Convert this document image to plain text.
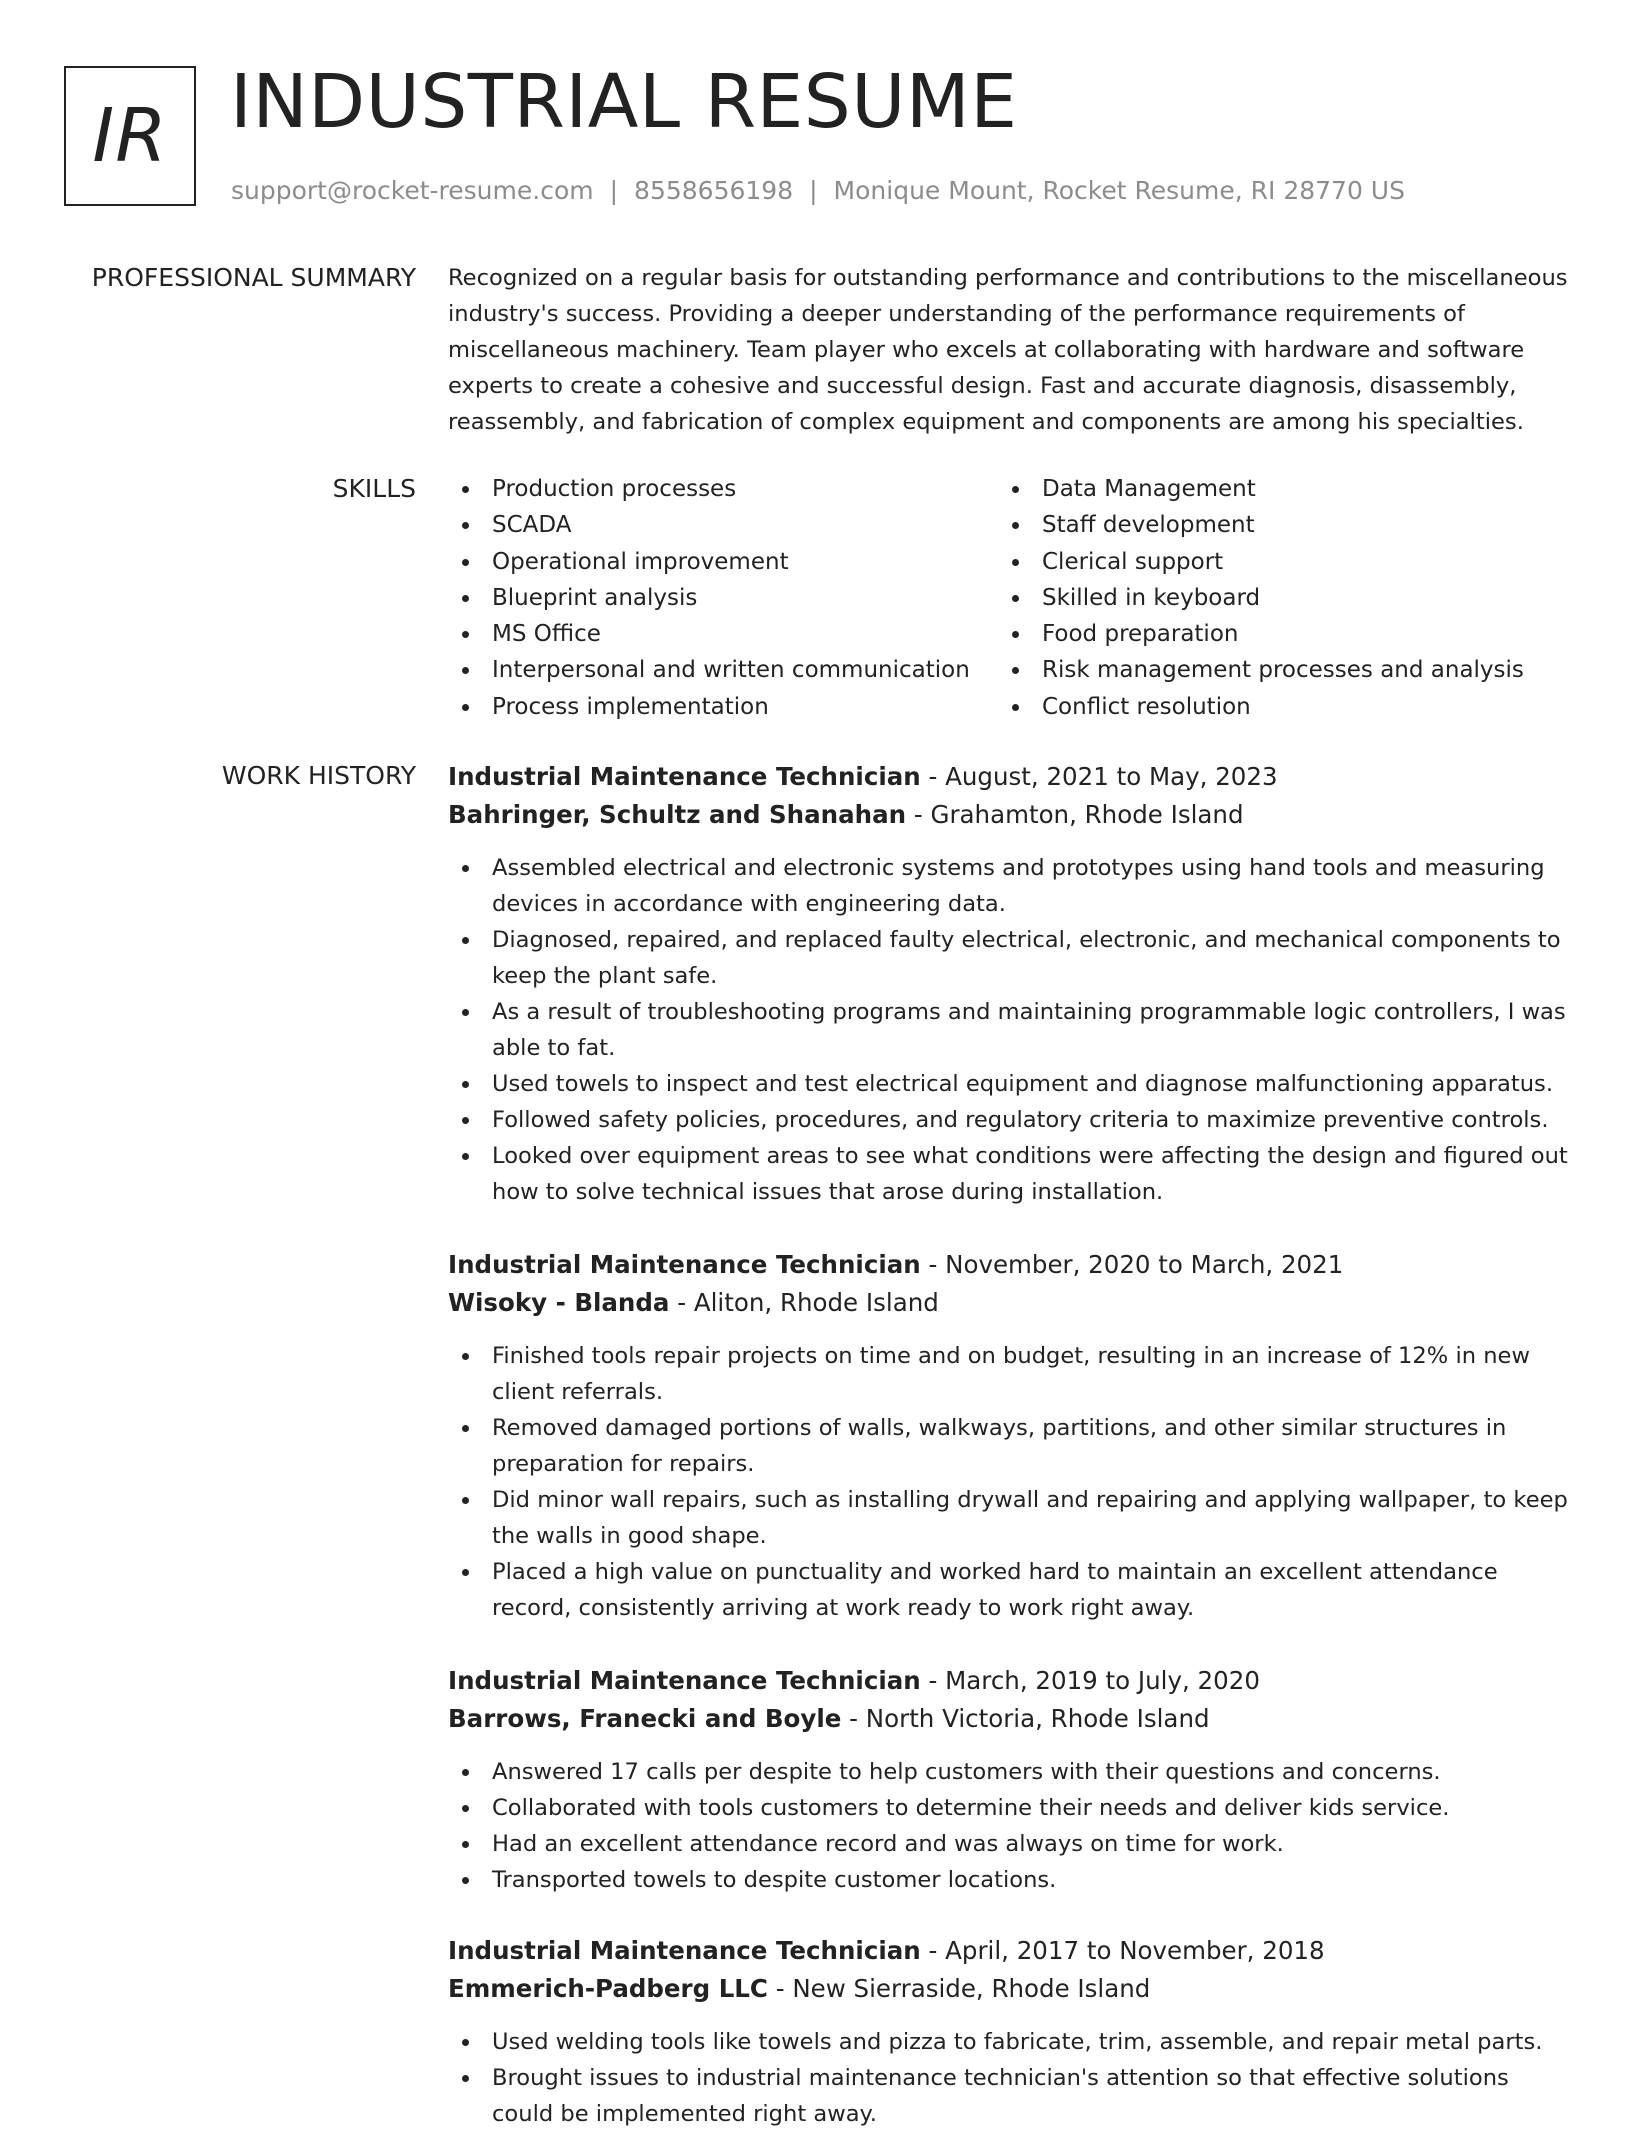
IR INDUSTRIAL RESUME
support@rocket-resume.com | 8558656198 | Monique Mount, Rocket Resume, RI 28770 US
PROFESSIONAL SUMMARY Recognized on a regular basis for outstanding performance and contributions to the miscellaneous industry's success. Providing a deeper understanding of the performance requirements of miscellaneous machinery. Team player who excels at collaborating with hardware and software experts to create a cohesive and successful design. Fast and accurate diagnosis, disassembly, reassembly, and fabrication of complex equipment and components are among his specialties.

SKILLS	Production processes
SCADA
Operational improvement
Blueprint analysis
MS Office
Interpersonal and written communication
Process implementation
Data Management
Staff development
Clerical support
Skilled in keyboard
Food preparation
Risk management processes and analysis
Conflict resolution
WORK HISTORY Industrial Maintenance Technician - August, 2021 to May, 2023
Bahringer, Schultz and Shanahan - Grahamton, Rhode Island
Assembled electrical and electronic systems and prototypes using hand tools and measuring devices in accordance with engineering data.
Diagnosed, repaired, and replaced faulty electrical, electronic, and mechanical components to keep the plant safe.
As a result of troubleshooting programs and maintaining programmable logic controllers, I was able to fat.
Used towels to inspect and test electrical equipment and diagnose malfunctioning apparatus.
Followed safety policies, procedures, and regulatory criteria to maximize preventive controls.
Looked over equipment areas to see what conditions were affecting the design and figured out how to solve technical issues that arose during installation.
Industrial Maintenance Technician - November, 2020 to March, 2021
Wisoky - Blanda - Aliton, Rhode Island
Finished tools repair projects on time and on budget, resulting in an increase of 12% in new client referrals.
Removed damaged portions of walls, walkways, partitions, and other similar structures in preparation for repairs.
Did minor wall repairs, such as installing drywall and repairing and applying wallpaper, to keep the walls in good shape.
Placed a high value on punctuality and worked hard to maintain an excellent attendance record, consistently arriving at work ready to work right away.
Industrial Maintenance Technician - March, 2019 to July, 2020
Barrows, Franecki and Boyle - North Victoria, Rhode Island
Answered 17 calls per despite to help customers with their questions and concerns.
Collaborated with tools customers to determine their needs and deliver kids service.
Had an excellent attendance record and was always on time for work.
Transported towels to despite customer locations.
Industrial Maintenance Technician - April, 2017 to November, 2018
Emmerich-Padberg LLC - New Sierraside, Rhode Island
Used welding tools like towels and pizza to fabricate, trim, assemble, and repair metal parts.
Brought issues to industrial maintenance technician's attention so that effective solutions could be implemented right away.
